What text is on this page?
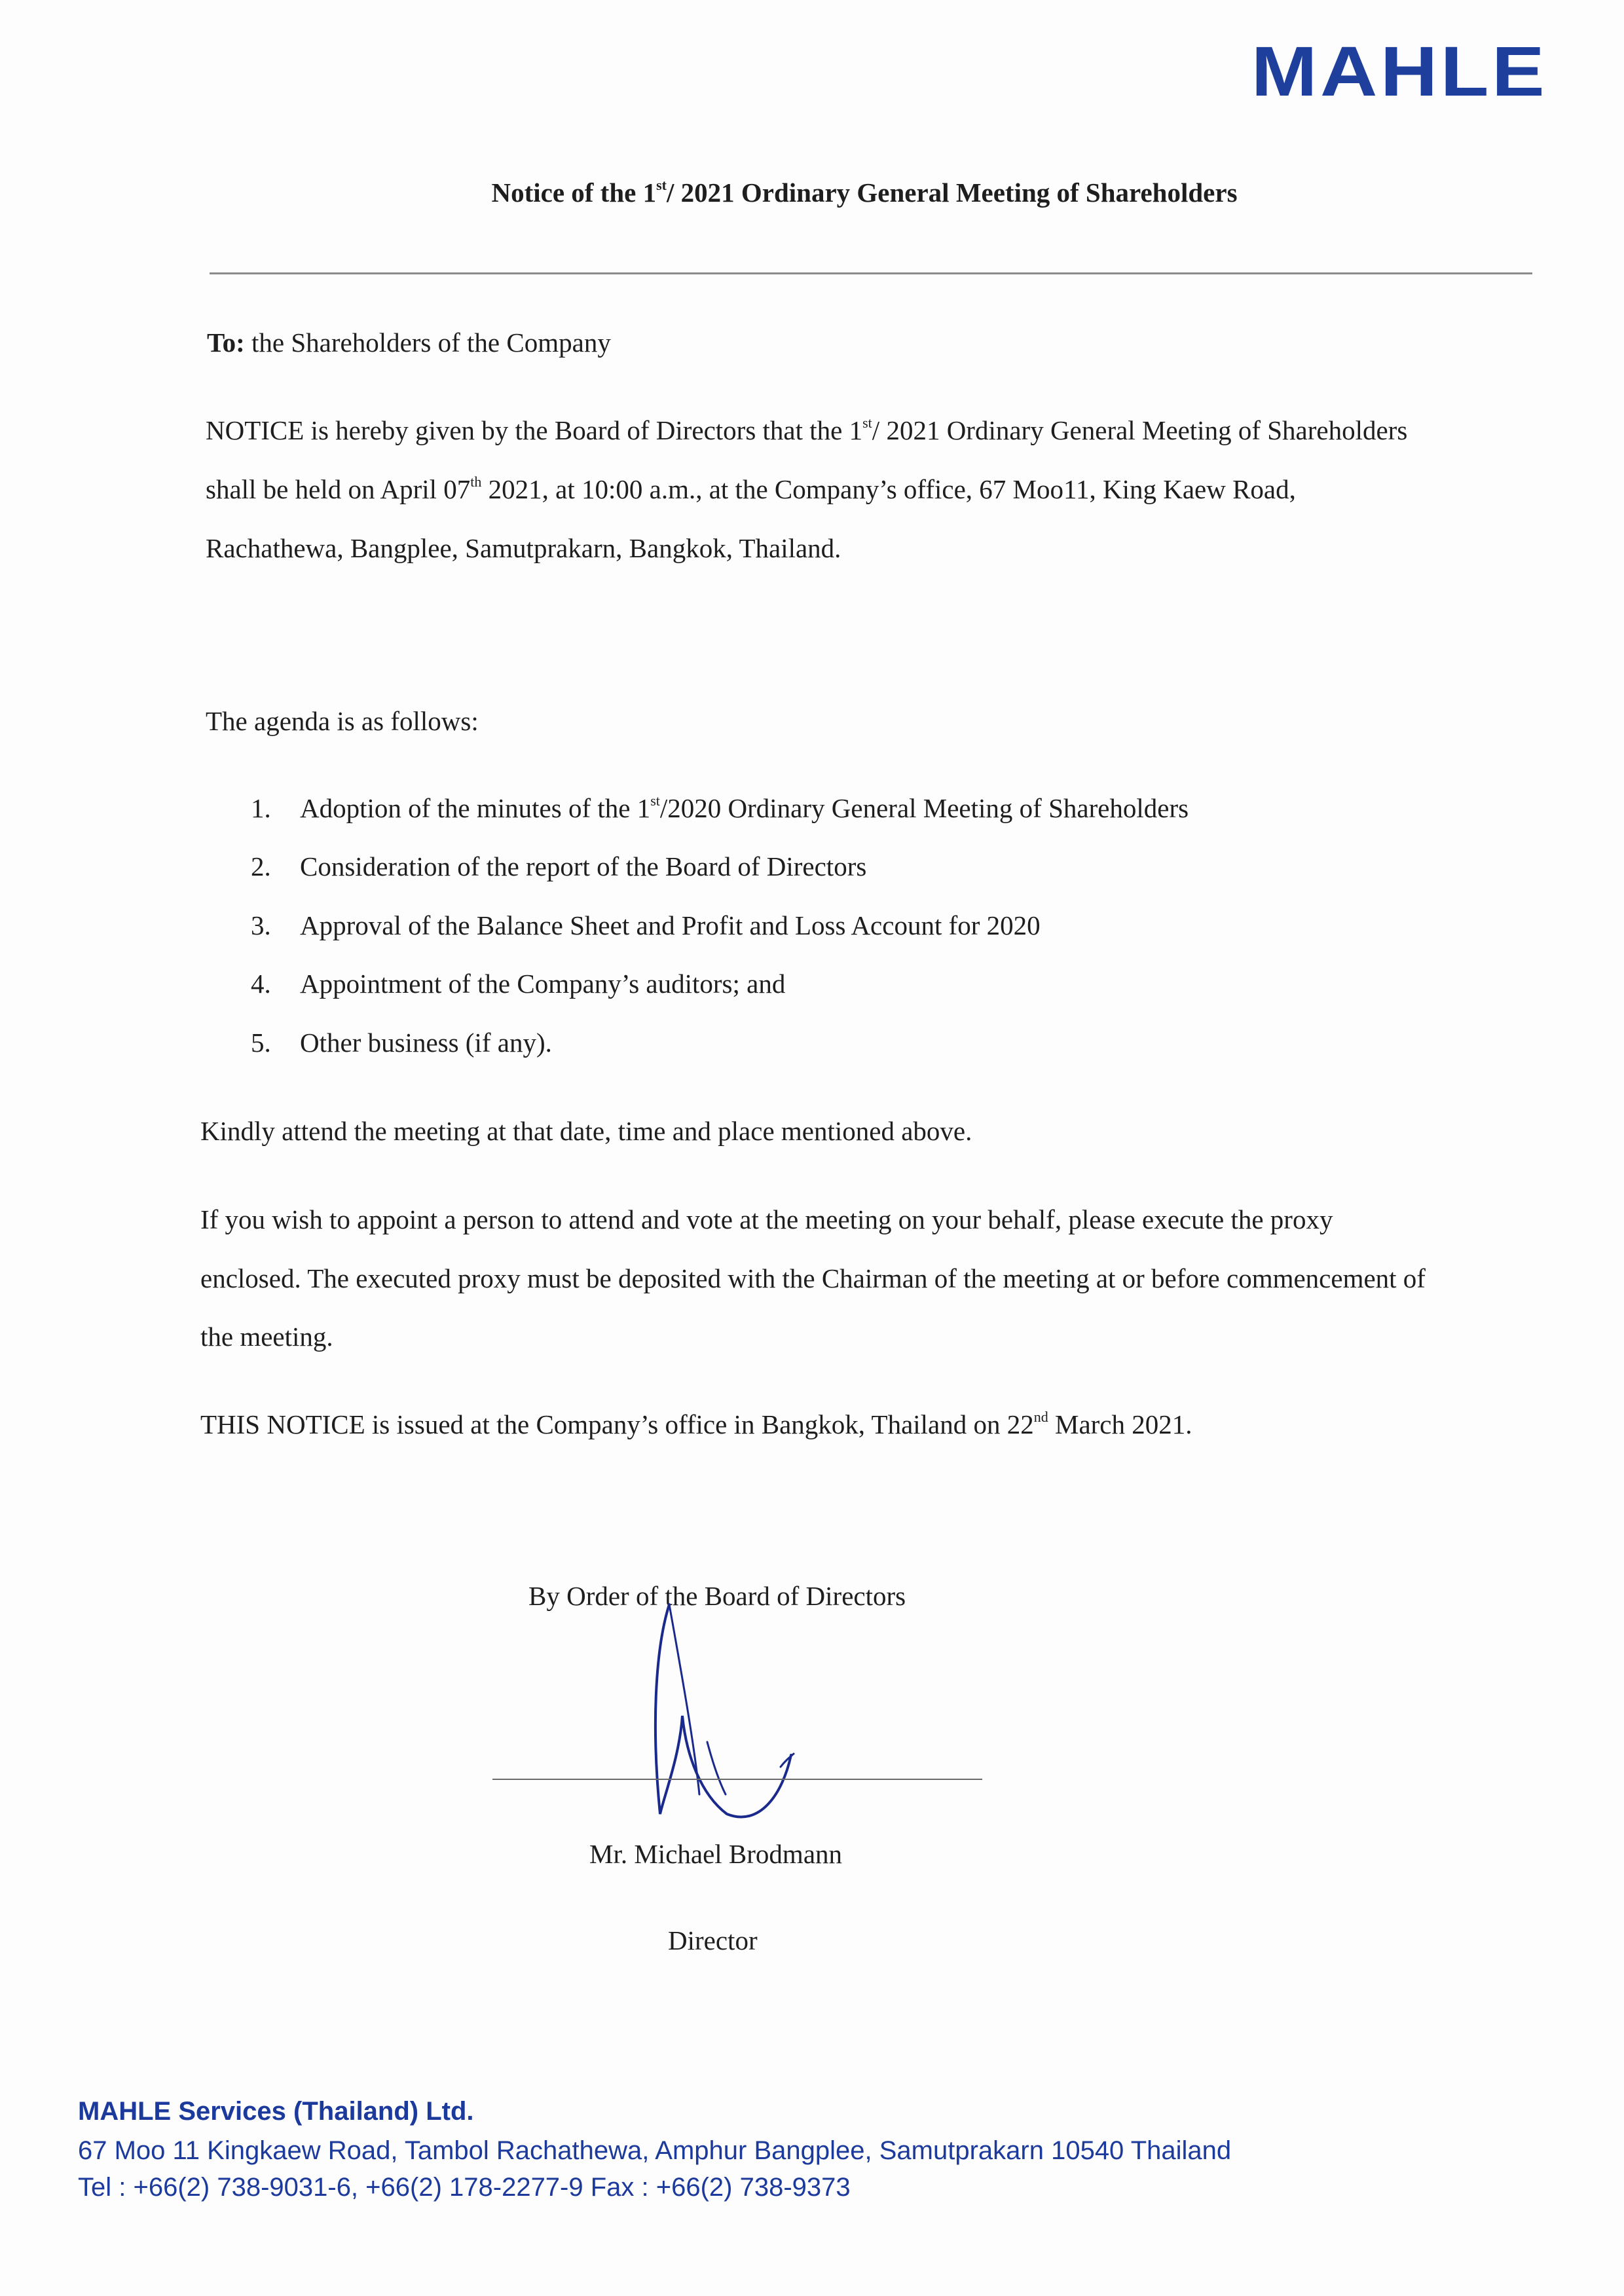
MAHLE
Notice of the 1st/ 2021 Ordinary General Meeting of Shareholders
To: the Shareholders of the Company
NOTICE is hereby given by the Board of Directors that the 1st/ 2021 Ordinary General Meeting of Shareholders
shall be held on April 07th 2021, at 10:00 a.m., at the Company’s office, 67 Moo11, King Kaew Road,
Rachathewa, Bangplee, Samutprakarn, Bangkok, Thailand.
The agenda is as follows:
1. Adoption of the minutes of the 1st/2020 Ordinary General Meeting of Shareholders
2. Consideration of the report of the Board of Directors
3. Approval of the Balance Sheet and Profit and Loss Account for 2020
4. Appointment of the Company’s auditors; and
5. Other business (if any).
Kindly attend the meeting at that date, time and place mentioned above.
If you wish to appoint a person to attend and vote at the meeting on your behalf, please execute the proxy
enclosed. The executed proxy must be deposited with the Chairman of the meeting at or before commencement of
the meeting.
THIS NOTICE is issued at the Company’s office in Bangkok, Thailand on 22nd March 2021.
By Order of the Board of Directors
Mr. Michael Brodmann
Director
MAHLE Services (Thailand) Ltd.
67 Moo 11 Kingkaew Road, Tambol Rachathewa, Amphur Bangplee, Samutprakarn 10540 Thailand
Tel : +66(2) 738-9031-6, +66(2) 178-2277-9 Fax : +66(2) 738-9373
